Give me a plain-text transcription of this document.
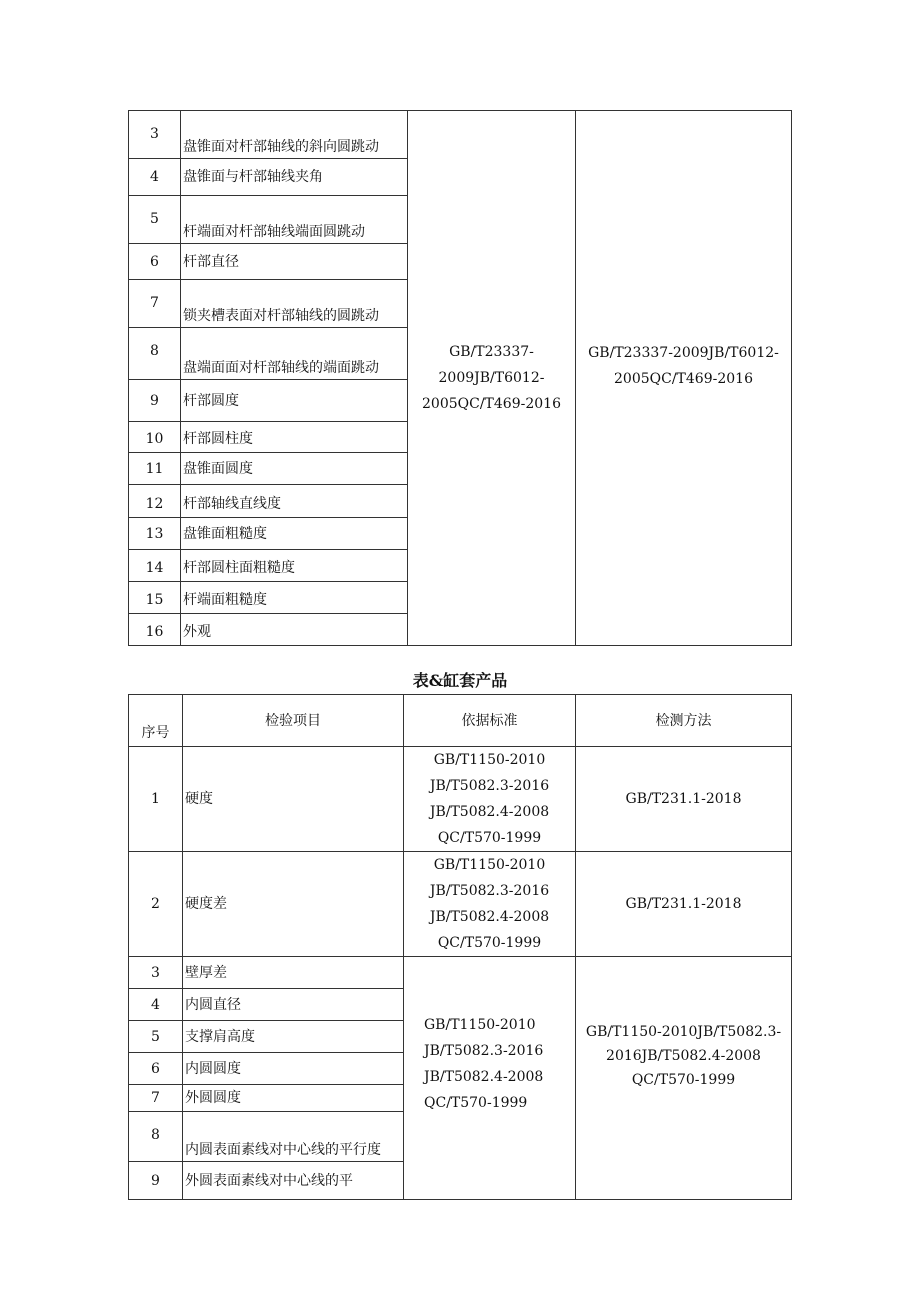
3	盘锥面对杆部轴线的斜向圆跳动	GB/T23337-
2009JB/T6012-
2005QC/T469-2016	GB/T23337-2009JB/T6012-
2005QC/T469-2016

4	盘锥面与杆部轴线夹角		

5	杆端面对杆部轴线端面圆跳动		

6	杆部直径		

7	锁夹槽表面对杆部轴线的圆跳动		

8	盘端面面对杆部轴线的端面跳动		

9	杆部圆度		
10	杆部圆柱度		
11	盘锥面圆度		
12	杆部轴线直线度		
13	盘锥面粗糙度		
14	杆部圆柱面粗糙度		
15	杆端面粗糙度		
16	外观		
表&缸套产品
序号	检验项目	依据标准	检测方法
1	硬度	GB/T1150-2010
JB/T5082.3-2016
JB/T5082.4-2008
QC/T570-1999	GB/T231.1-2018
2	硬度差	GB/T1150-2010
JB/T5082.3-2016
JB/T5082.4-2008
QC/T570-1999	GB/T231.1-2018
3	壁厚差	GB/T1150-2010
JB/T5082.3-2016
JB/T5082.4-2008
QC/T570-1999	GB/T1150-2010JB/T5082.3-
2016JB/T5082.4-2008
QC/T570-1999

4	内圆直径		
5	支撑肩高度		
6	内圆圆度		
7	外圆圆度		

8	内圆表面素线对中心线的平行度		

9	外圆表面素线对中心线的平		
